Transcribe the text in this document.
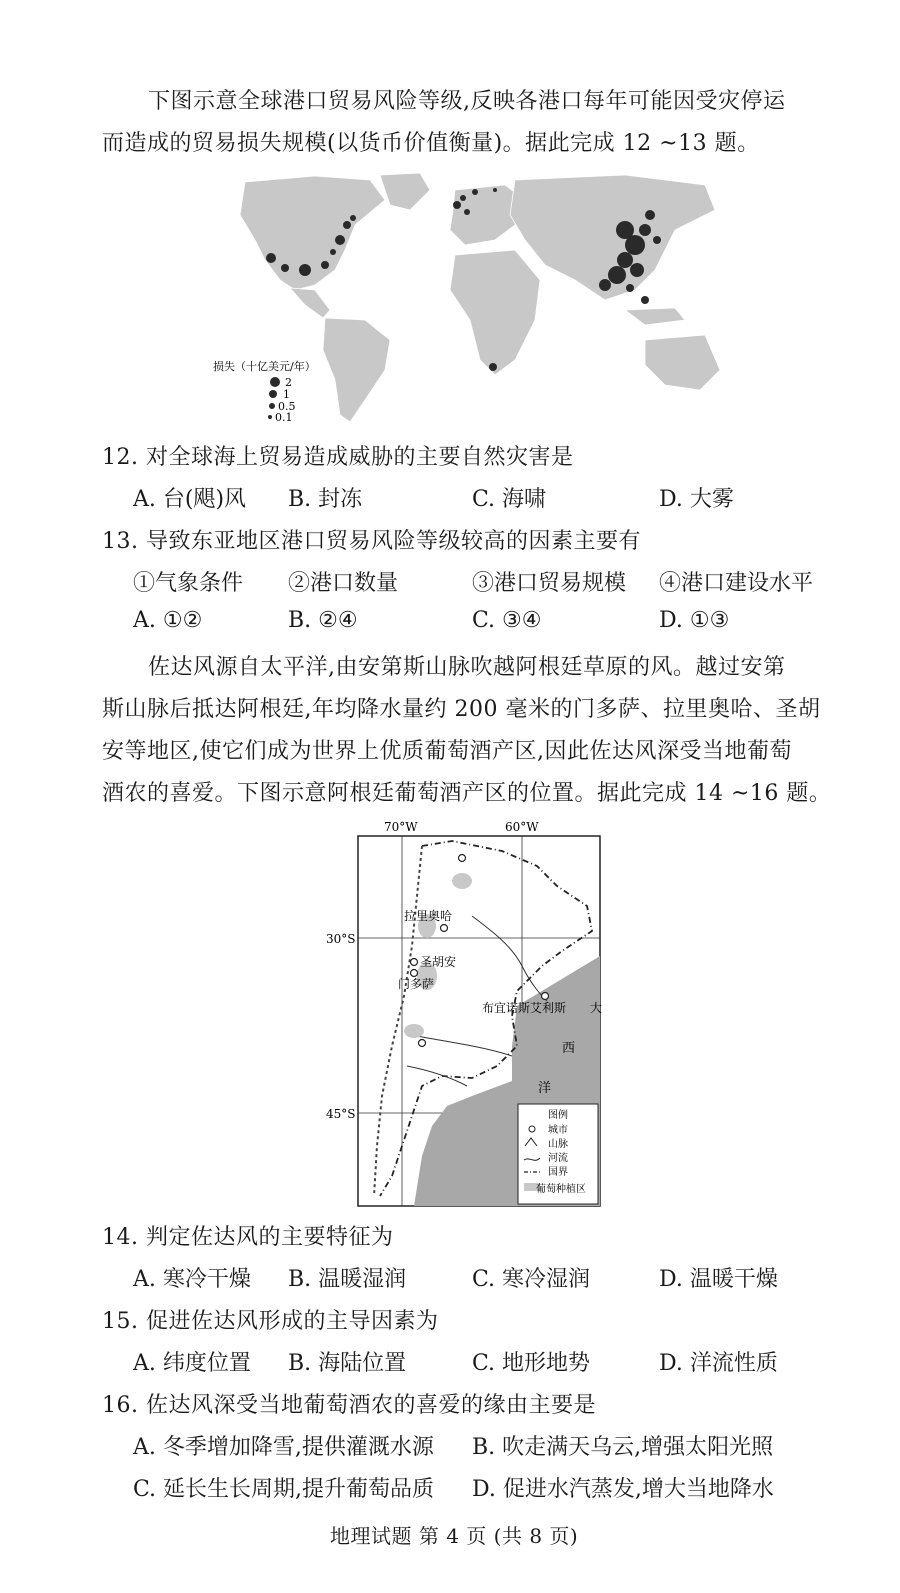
下图示意全球港口贸易风险等级,反映各港口每年可能因受灾停运
而造成的贸易损失规模(以货币价值衡量)。据此完成 12 ~13 题。
损失（十亿美元/年）
2
1
0.5
0.1
12. 对全球海上贸易造成威胁的主要自然灾害是
A. 台(飓)风 B. 封冻	C. 海啸	D. 大雾
13. 导致东亚地区港口贸易风险等级较高的因素主要有
①气象条件 ②港口数量	③港口贸易规模 ④港口建设水平
A. ①②	B. ②④	C. ③④	D. ①③
佐达风源自太平洋,由安第斯山脉吹越阿根廷草原的风。越过安第
斯山脉后抵达阿根廷,年均降水量约 200 毫米的门多萨、拉里奥哈、圣胡
安等地区,使它们成为世界上优质葡萄酒产区,因此佐达风深受当地葡萄
酒农的喜爱。下图示意阿根廷葡萄酒产区的位置。据此完成 14 ~16 题。
70°W	60°W
30°S
45°S
拉里奥哈
圣胡安
门多萨
布宜诺斯艾利斯 大
西
洋
图例
城市
山脉
河流
国界
葡萄种植区
14. 判定佐达风的主要特征为
A. 寒冷干燥 B. 温暖湿润	C. 寒冷湿润	D. 温暖干燥
15. 促进佐达风形成的主导因素为
A. 纬度位置 B. 海陆位置	C. 地形地势	D. 洋流性质
16. 佐达风深受当地葡萄酒农的喜爱的缘由主要是
A. 冬季增加降雪,提供灌溉水源 B. 吹走满天乌云,增强太阳光照
C. 延长生长周期,提升葡萄品质 D. 促进水汽蒸发,增大当地降水
地理试题 第 4 页 (共 8 页)
